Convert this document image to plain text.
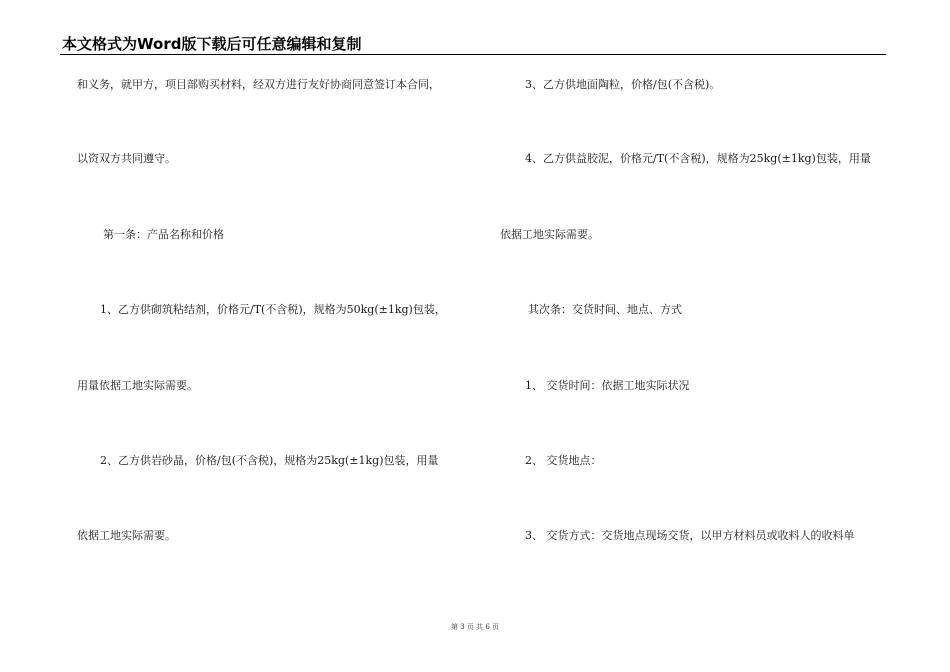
本文格式为Word版下载后可任意编辑和复制
和义务，就甲方，项目部购买材料，经双方进行友好协商同意签订本合同，
以资双方共同遵守。
第一条：产品名称和价格
1、乙方供砌筑粘结剂，价格元/T(不含税)，规格为50kg(±1kg)包装，
用量依据工地实际需要。
2、乙方供岩砂晶，价格/包(不含税)，规格为25kg(±1kg)包装，用量
依据工地实际需要。
3、乙方供地面陶粒，价格/包(不含税)。
4、乙方供益胶泥，价格元/T(不含税)，规格为25kg(±1kg)包装，用量
依据工地实际需要。
其次条：交货时间、地点、方式
1、 交货时间：依据工地实际状况
2、 交货地点：
3、 交货方式：交货地点现场交货，以甲方材料员或收料人的收料单
第 3 页 共 6 页
